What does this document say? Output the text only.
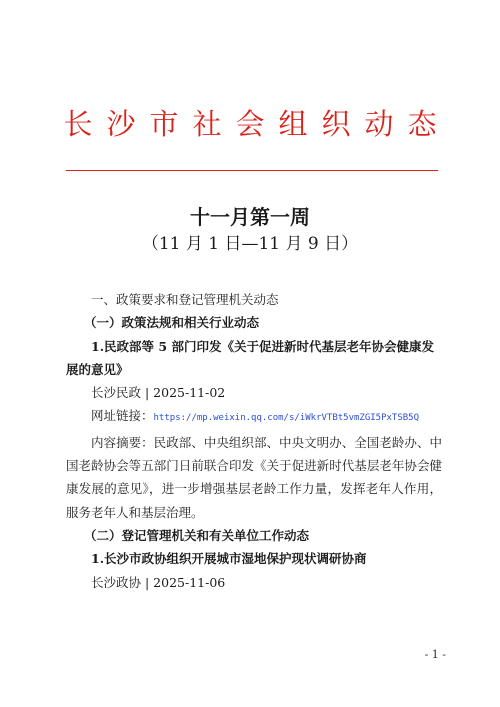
长沙市社会组织动态
十一月第一周
（11 月 1 日—11 月 9 日）

一、政策要求和登记管理机关动态

（一）政策法规和相关行业动态

1.民政部等 5 部门印发《关于促进新时代基层老年协会健康发展的意见》

长沙民政 | 2025-11-02

网址链接：https://mp.weixin.qq.com/s/iWkrVTBt5vmZGI5PxTSB5Q

内容摘要：民政部、中央组织部、中央文明办、全国老龄办、中国老龄协会等五部门日前联合印发《关于促进新时代基层老年协会健康发展的意见》，进一步增强基层老龄工作力量，发挥老年人作用，服务老年人和基层治理。

（二）登记管理机关和有关单位工作动态

1.长沙市政协组织开展城市湿地保护现状调研协商

长沙政协 | 2025-11-06

- 1 -
